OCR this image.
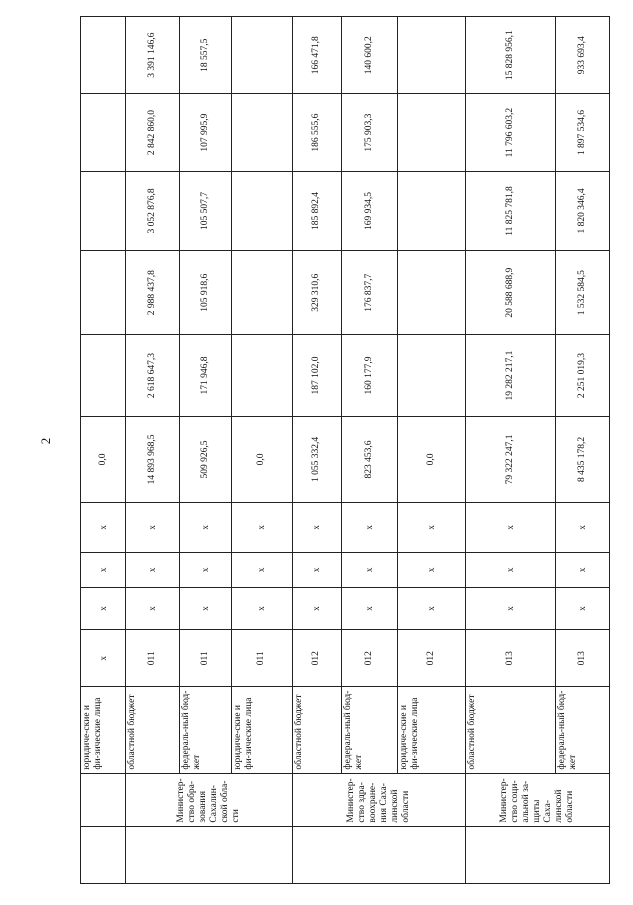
2
		юридиче-ские и фи-зические лица	х	х	х	х	0,0					
	Министер-ство обра-зования Сахалин-ской обла-сти	областной бюджет	011	х	х	х	14 893 968,5	2 618 647,3	2 988 437,8	3 052 876,8	2 842 860,0	3 391 146,6
		федераль-ный бюд-жет	011	х	х	х	509 926,5	171 946,8	105 918,6	105 507,7	107 995,9	18 557,5
		юридиче-ские и фи-зические лица	011	х	х	х	0,0					
	Министер-ство здра-воохране-ния Саха-линской области	областной бюджет	012	х	х	х	1 055 332,4	187 102,0	329 310,6	185 892,4	186 555,6	166 471,8
		федераль-ный бюд-жет	012	х	х	х	823 453,6	160 177,9	176 837,7	169 934,5	175 903,3	140 600,2
		юридиче-ские и фи-зические лица	012	х	х	х	0,0					
	Министер-ство соци-альной за-щиты Саха-линской области	областной бюджет	013	х	х	х	79 322 247,1	19 282 217,1	20 588 688,9	11 825 781,8	11 796 603,2	15 828 956,1
		федераль-ный бюд-жет	013	х	х	х	8 435 178,2	2 251 019,3	1 532 584,5	1 820 346,4	1 897 534,6	933 693,4
